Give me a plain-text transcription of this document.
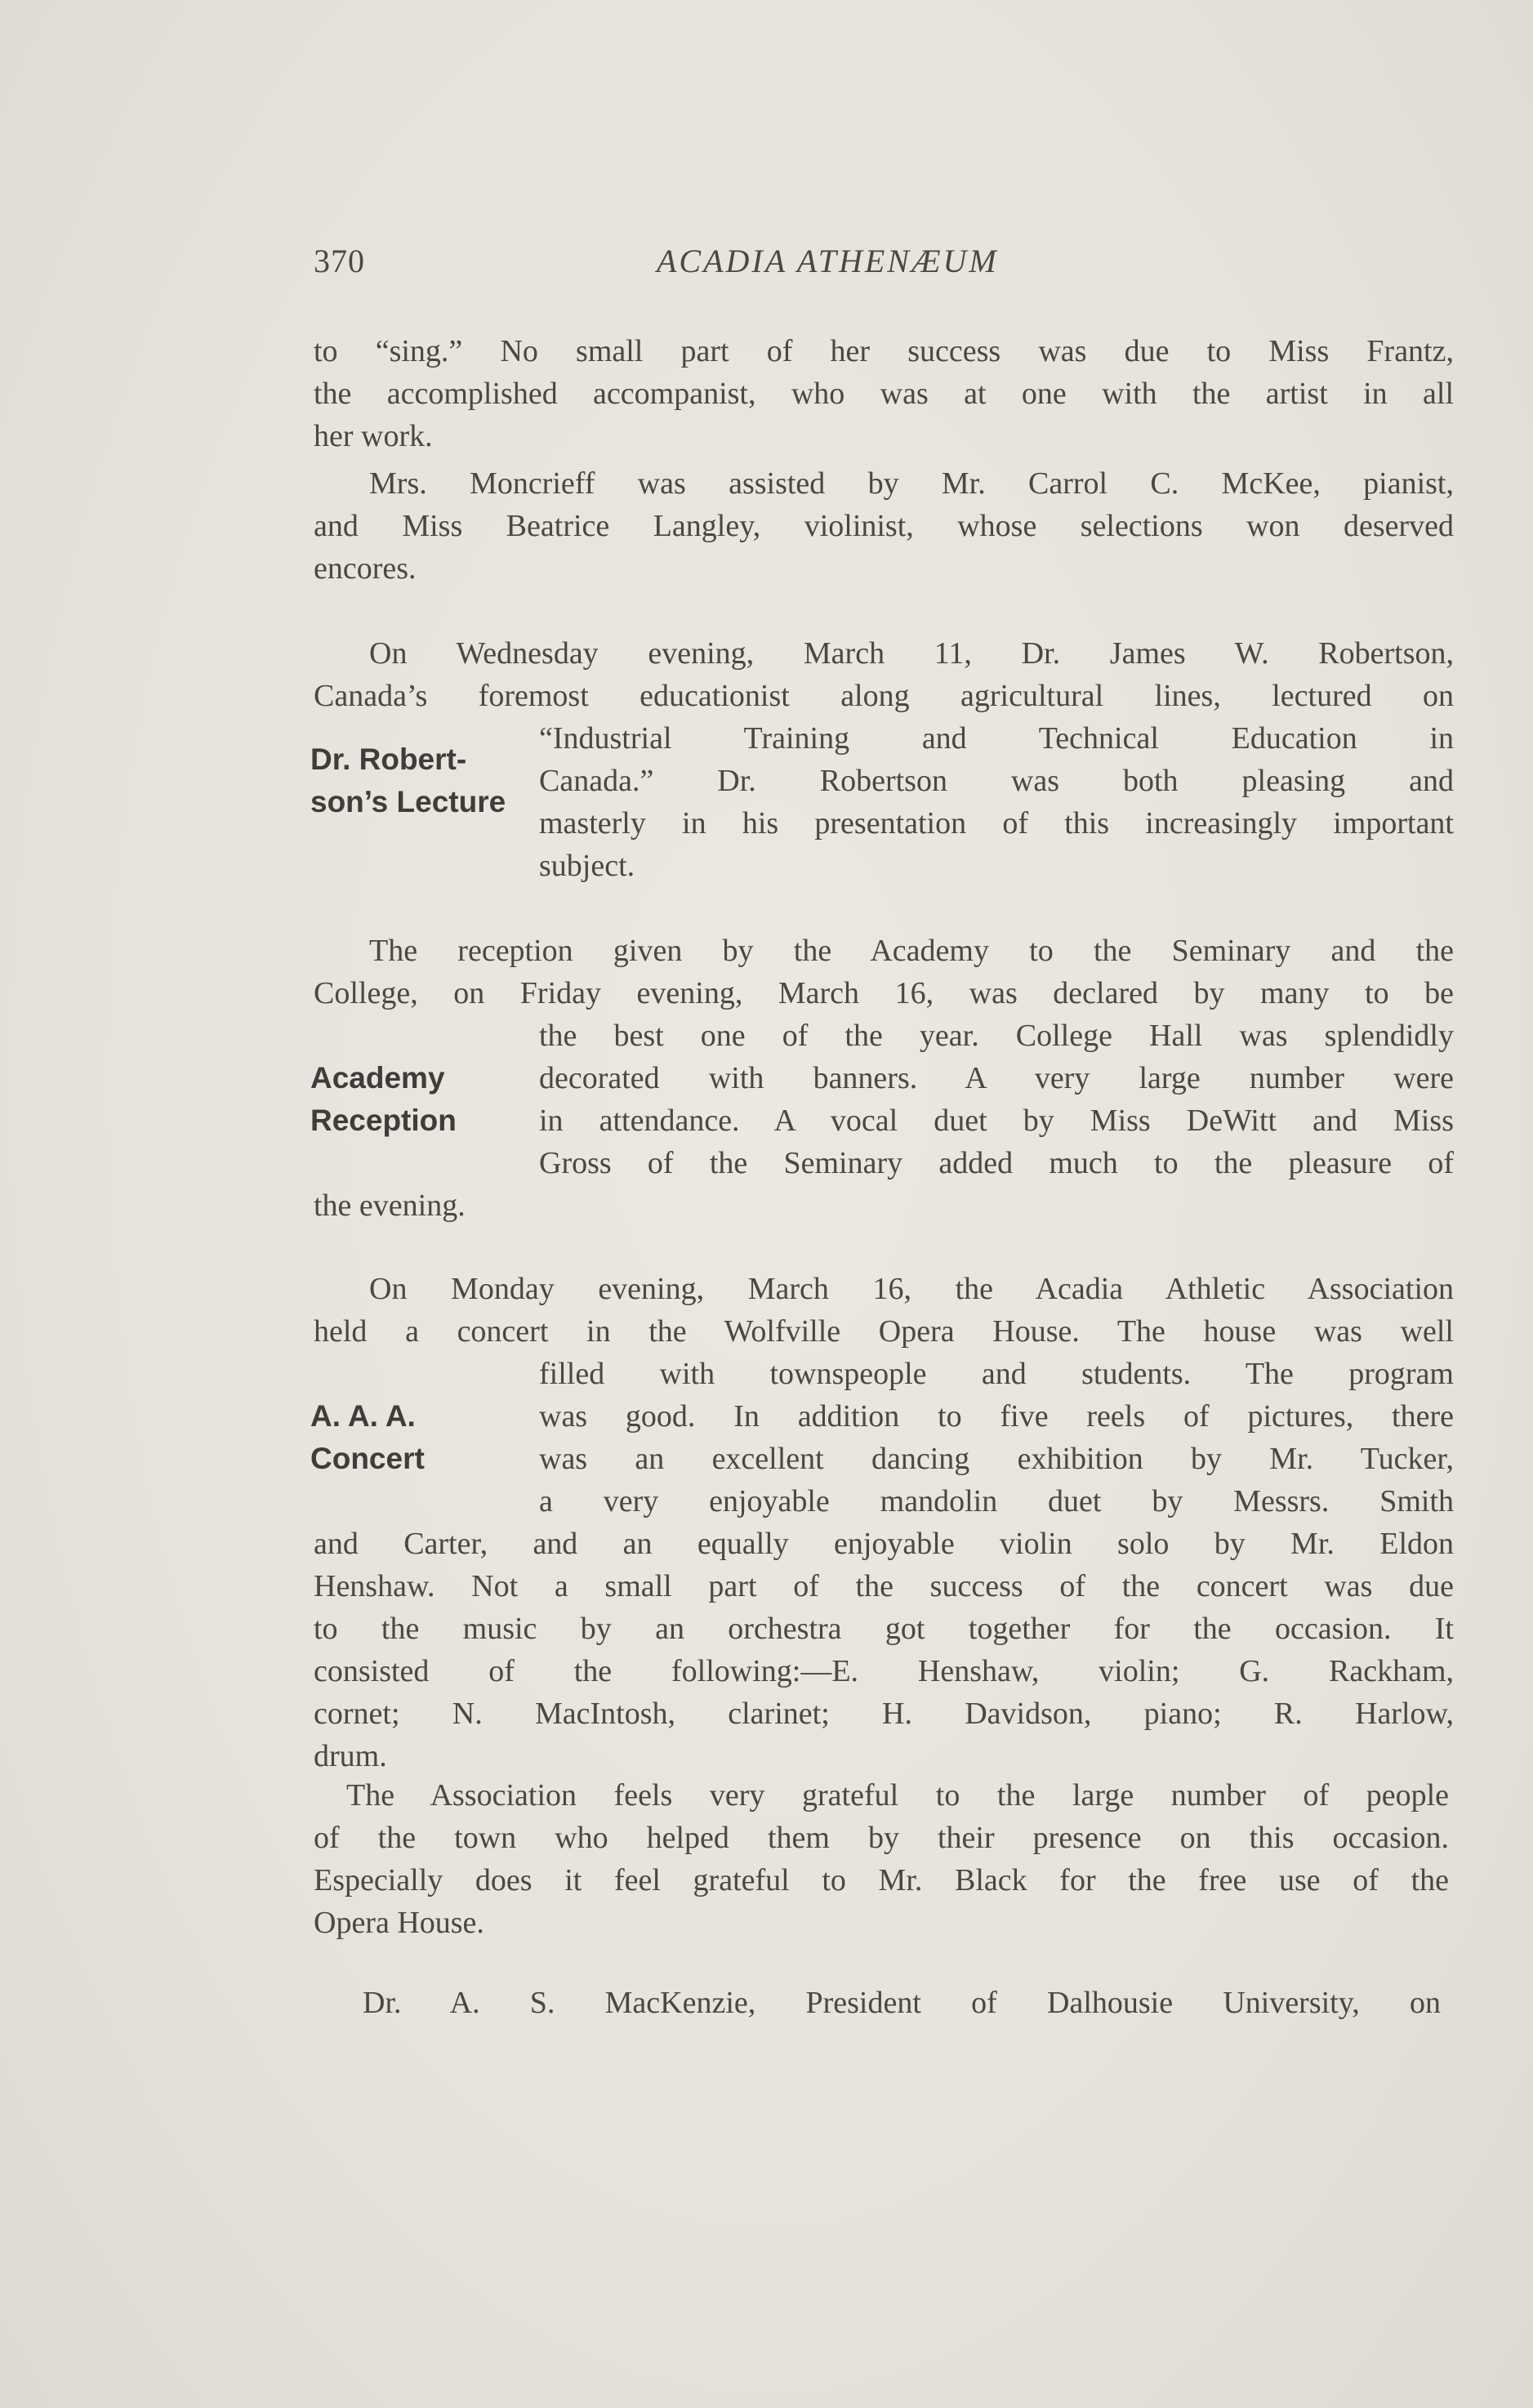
370	ACADIA ATHENÆUM
to “sing.” No small part of her success was due to Miss Frantz,
the accomplished accompanist, who was at one with the artist in all
her work.
Mrs. Moncrieff was assisted by Mr. Carrol C. McKee, pianist,
and Miss Beatrice Langley, violinist, whose selections won deserved
encores.
On Wednesday evening, March 11, Dr. James W. Robertson,
Canada’s foremost educationist along agricultural lines, lectured on
“Industrial Training and Technical Education in
Canada.” Dr. Robertson was both pleasing and
masterly in his presentation of this increasingly important
subject.
Dr. Robert-
son’s Lecture
The reception given by the Academy to the Seminary and the
College, on Friday evening, March 16, was declared by many to be
the best one of the year. College Hall was splendidly
decorated with banners. A very large number were
in attendance. A vocal duet by Miss DeWitt and Miss
Gross of the Seminary added much to the pleasure of
the evening.
Academy
Reception
On Monday evening, March 16, the Acadia Athletic Association
held a concert in the Wolfville Opera House. The house was well
filled with townspeople and students. The program
was good. In addition to five reels of pictures, there
was an excellent dancing exhibition by Mr. Tucker,
a very enjoyable mandolin duet by Messrs. Smith
and Carter, and an equally enjoyable violin solo by Mr. Eldon
Henshaw. Not a small part of the success of the concert was due
to the music by an orchestra got together for the occasion. It
consisted of the following:—E. Henshaw, violin; G. Rackham,
cornet; N. MacIntosh, clarinet; H. Davidson, piano; R. Harlow,
drum.
A. A. A.
Concert
The Association feels very grateful to the large number of people
of the town who helped them by their presence on this occasion.
Especially does it feel grateful to Mr. Black for the free use of the
Opera House.
Dr. A. S. MacKenzie, President of Dalhousie University, on
